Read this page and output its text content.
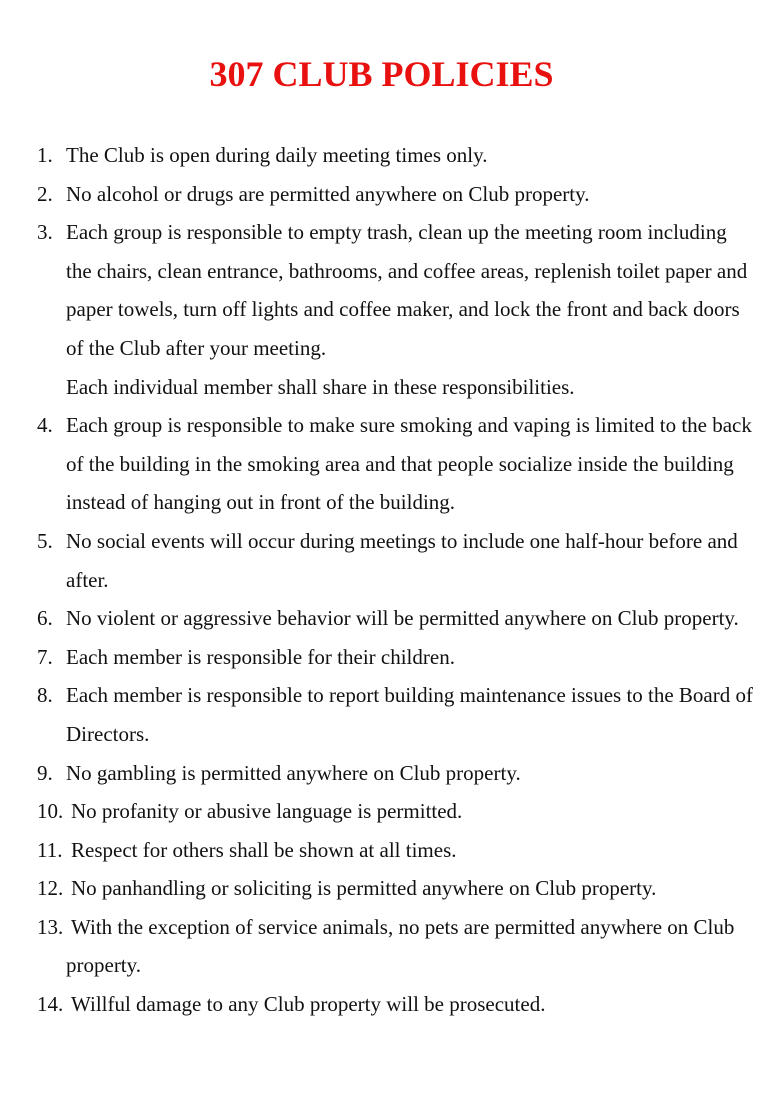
307 CLUB POLICIES
1. The Club is open during daily meeting times only.
2. No alcohol or drugs are permitted anywhere on Club property.
3. Each group is responsible to empty trash, clean up the meeting room including the chairs, clean entrance, bathrooms, and coffee areas, replenish toilet paper and paper towels, turn off lights and coffee maker, and lock the front and back doors of the Club after your meeting.
Each individual member shall share in these responsibilities.
4. Each group is responsible to make sure smoking and vaping is limited to the back of the building in the smoking area and that people socialize inside the building instead of hanging out in front of the building.
5. No social events will occur during meetings to include one half-hour before and after.
6. No violent or aggressive behavior will be permitted anywhere on Club property.
7. Each member is responsible for their children.
8. Each member is responsible to report building maintenance issues to the Board of Directors.
9. No gambling is permitted anywhere on Club property.
10. No profanity or abusive language is permitted.
11. Respect for others shall be shown at all times.
12. No panhandling or soliciting is permitted anywhere on Club property.
13. With the exception of service animals, no pets are permitted anywhere on Club property.
14. Willful damage to any Club property will be prosecuted.
